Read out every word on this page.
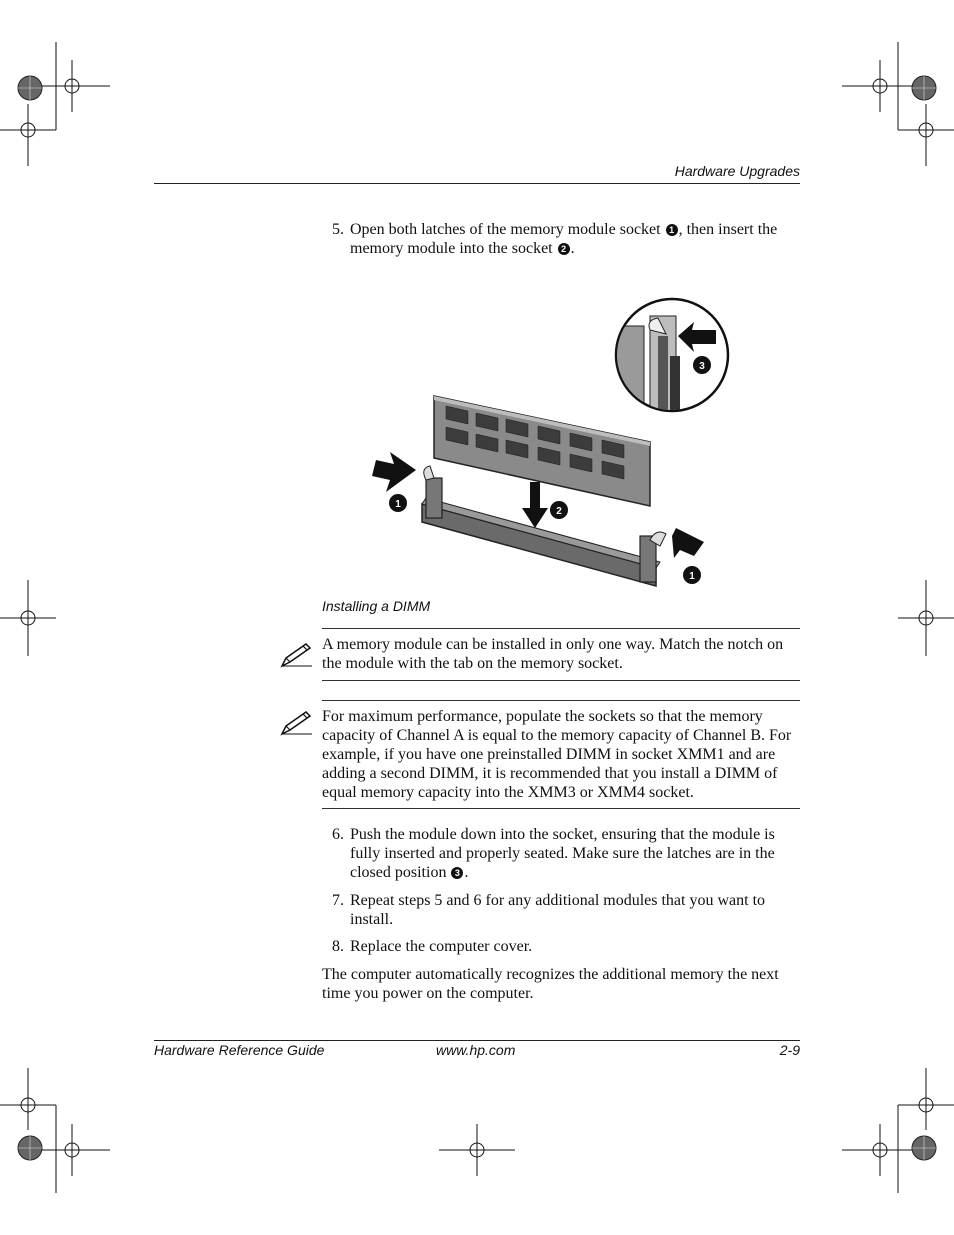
Hardware Upgrades
5. Open both latches of the memory module socket 1 , then insert the memory module into the socket 2 .
1
2
1
3
Installing a DIMM
A memory module can be installed in only one way. Match the notch on the module with the tab on the memory socket.
For maximum performance, populate the sockets so that the memory capacity of Channel A is equal to the memory capacity of Channel B. For example, if you have one preinstalled DIMM in socket XMM1 and are adding a second DIMM, it is recommended that you install a DIMM of equal memory capacity into the XMM3 or XMM4 socket.
6. Push the module down into the socket, ensuring that the module is fully inserted and properly seated. Make sure the latches are in the closed position 3 .
7. Repeat steps 5 and 6 for any additional modules that you want to install.
8. Replace the computer cover.
The computer automatically recognizes the additional memory the next time you power on the computer.
Hardware Reference Guide	www.hp.com	2-9
